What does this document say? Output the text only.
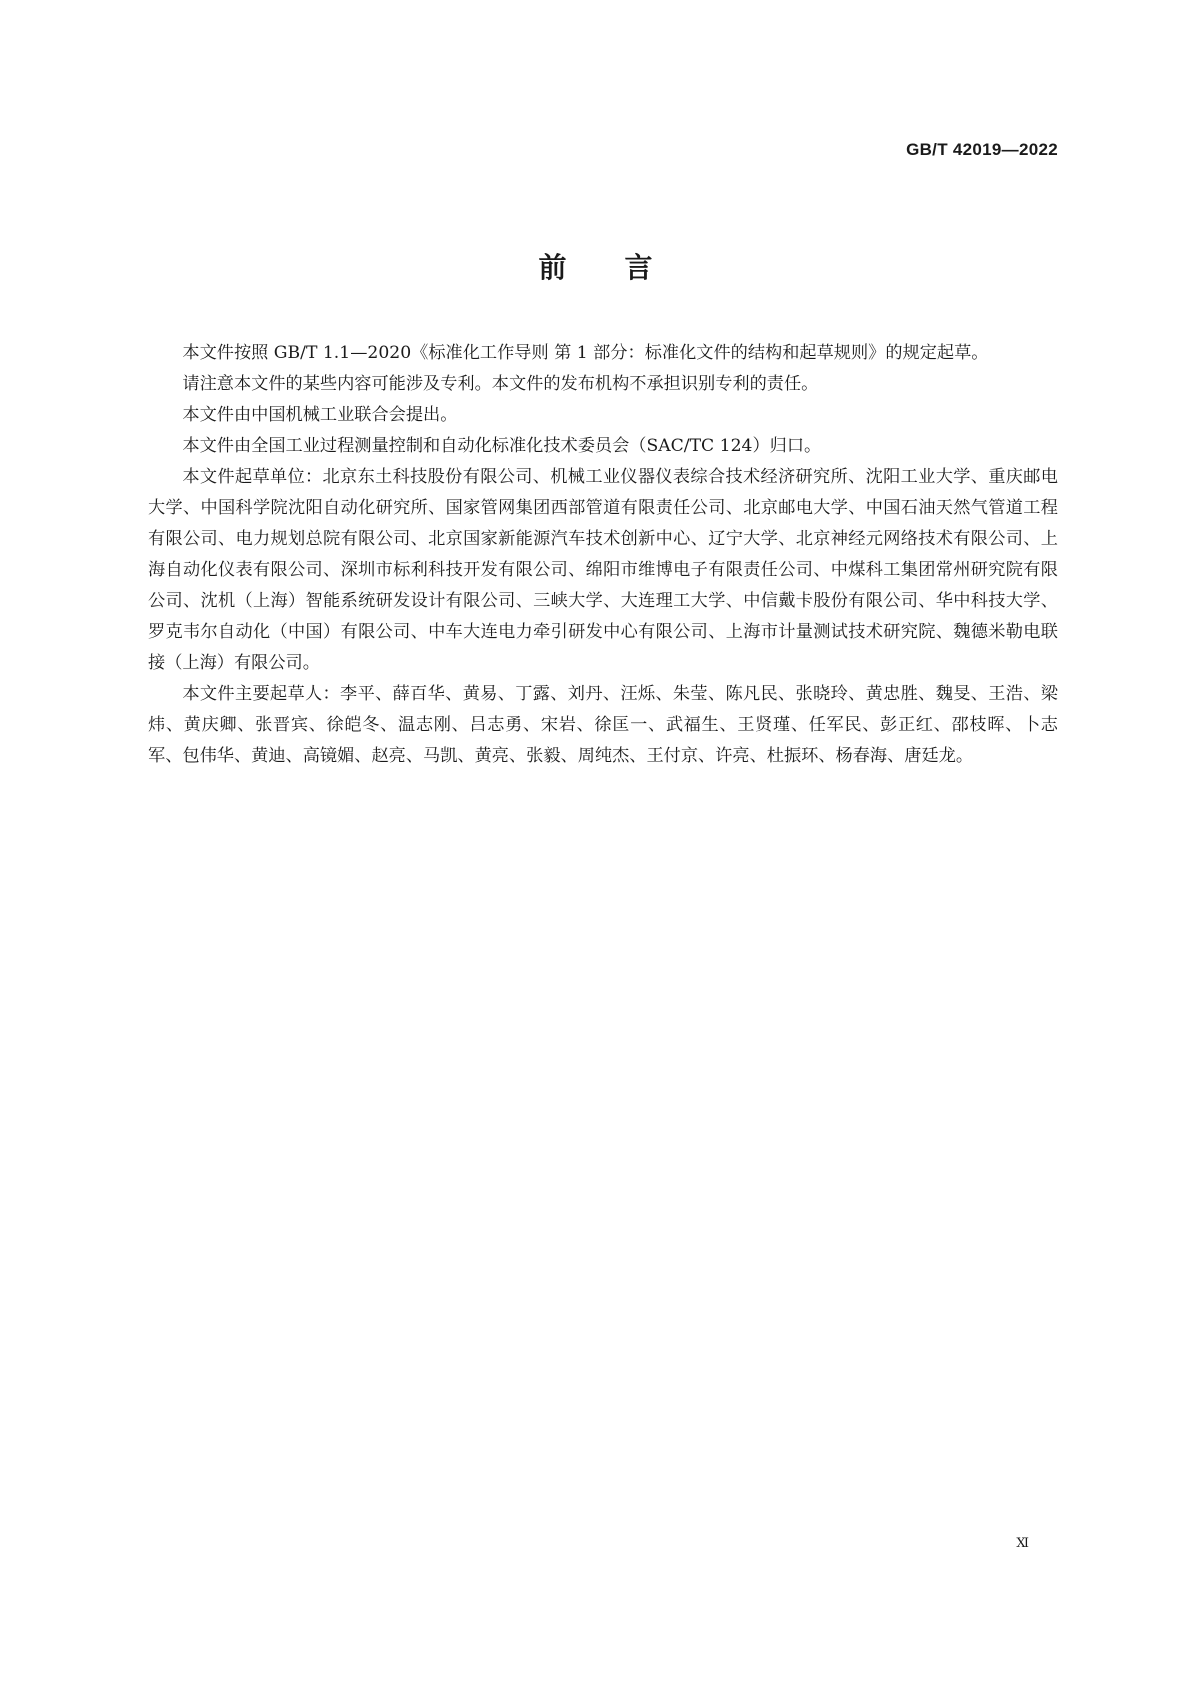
GB/T 42019—2022
前 言

本文件按照 GB/T 1.1—2020《标准化工作导则 第 1 部分：标准化文件的结构和起草规则》的规定起草。

请注意本文件的某些内容可能涉及专利。本文件的发布机构不承担识别专利的责任。

本文件由中国机械工业联合会提出。

本文件由全国工业过程测量控制和自动化标准化技术委员会（SAC/TC 124）归口。

本文件起草单位：北京东土科技股份有限公司、机械工业仪器仪表综合技术经济研究所、沈阳工业大学、重庆邮电大学、中国科学院沈阳自动化研究所、国家管网集团西部管道有限责任公司、北京邮电大学、中国石油天然气管道工程有限公司、电力规划总院有限公司、北京国家新能源汽车技术创新中心、辽宁大学、北京神经元网络技术有限公司、上海自动化仪表有限公司、深圳市标利科技开发有限公司、绵阳市维博电子有限责任公司、中煤科工集团常州研究院有限公司、沈机（上海）智能系统研发设计有限公司、三峡大学、大连理工大学、中信戴卡股份有限公司、华中科技大学、罗克韦尔自动化（中国）有限公司、中车大连电力牵引研发中心有限公司、上海市计量测试技术研究院、魏德米勒电联接（上海）有限公司。

本文件主要起草人：李平、薛百华、黄易、丁露、刘丹、汪烁、朱莹、陈凡民、张晓玲、黄忠胜、魏旻、王浩、梁炜、黄庆卿、张晋宾、徐皑冬、温志刚、吕志勇、宋岩、徐匡一、武福生、王贤瑾、任军民、彭正红、邵枝晖、卜志军、包伟华、黄迪、高镜媚、赵亮、马凯、黄亮、张毅、周纯杰、王付京、许亮、杜振环、杨春海、唐廷龙。

Ⅺ
